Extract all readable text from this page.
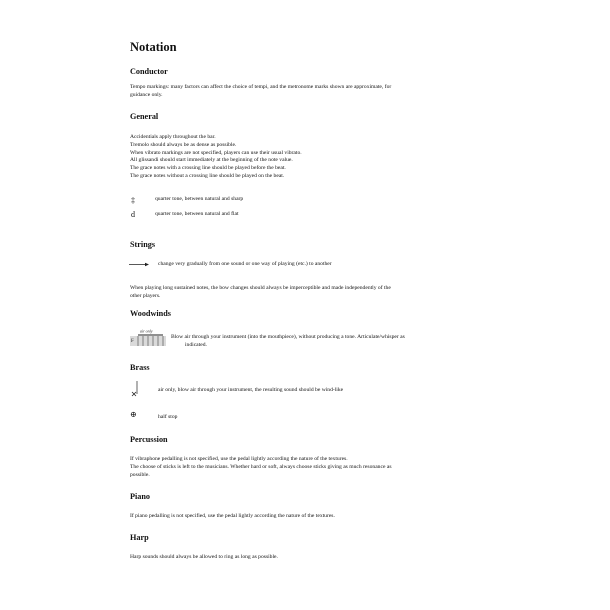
Notation
Conductor
Tempo markings: many factors can affect the choice of tempi, and the metronome marks shown are approximate, for
guidance only.
General
Accidentials apply throughout the bar.
Tremolo should always be as dense as possible.
When vibrato markings are not specified, players can use their usual vibrato.
All glissandi should start immediately at the beginning of the note value.
The grace notes with a crossing line should be played before the beat.
The grace notes without a crossing line should be played on the beat.
‡	quarter tone, between natural and sharp
d	quarter tone, between natural and flat
Strings
change very gradually from one sound or one way of playing (etc.) to another
When playing long sustained notes, the bow changes should always be imperceptible and made independently of the
other players.
Woodwinds
air only
F
Blow air through your instrument (into the mouthpiece), without producing a tone. Articulate/whisper as
indicated.
Brass
air only, blow air through your instrument, the resulting sound should be wind-like
⊕	half stop
Percussion
If vibraphone pedalling is not specified, use the pedal lightly according the nature of the textures.
The choose of sticks is left to the musicians. Whether hard or soft, always choose sticks giving as much resonance as
possible.
Piano
If piano pedalling is not specified, use the pedal lightly according the nature of the textures.
Harp
Harp sounds should always be allowed to ring as long as possible.
